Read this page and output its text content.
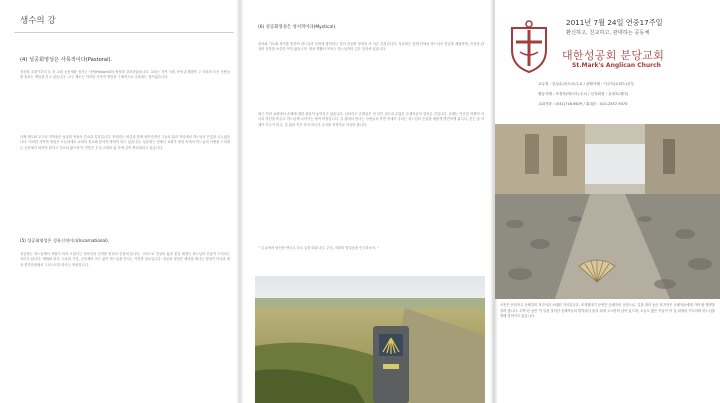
생수의 강
(4) 성공회영성은 사목적이다(Pastoral).
성공회 초창기부터 늘 본 교회 공동체를 섬기는 사목(Pastoral)의 영성을 강조하였습니다. 교회는 지역 사회 속에 존재하며 그 사회의 모든 사람들을 돌보는 책임을 지고 있습니다. 교구 제도는 이러한 사목적 책임을 구체적으로 나타내는 것이었습니다.
사제 제도와 교구의 지역성은 성공회 영성의 중요한 특징입니다. 목회자는 회중과 함께 살아가면서 그들의 삶의 자리에서 하느님의 은총을 나누었습니다. 이러한 사목적 영성은 오늘날에도 교회의 선교와 봉사의 바탕이 되고 있습니다. 성공회는 언제나 교회가 세상 속에서 하느님의 사랑을 드러내는 공동체가 되어야 한다고 가르쳐 왔으며 이 전통은 우리 교회의 삶 속에 깊이 뿌리내리고 있습니다.
(5) 성공회영성은 성육신적이다(Incarnational).
성공회는 하느님께서 사람이 되어 오셨다는 성육신의 신비를 영성의 중심에 둡니다. 그러므로 일상의 삶과 물질 세계는 하느님의 은총이 드러나는 자리가 됩니다. 예배와 성사, 노동과 가정, 공동체의 모든 삶이 하느님을 만나는 거룩한 장소입니다. 성공회 영성은 세상을 떠나는 영성이 아니라 세상 한가운데에서 그리스도를 따르는 영성입니다.
(6) 성공회영성은 성서적이다(Mystical).
성서와 기도와 성사를 통하여 하느님의 신비에 참여하는 것이 성공회 영성의 또 다른 특징입니다. 성공회는 전례 안에서 하느님의 현존을 체험하며, 묵상과 관상의 전통을 소중히 여겨 왔습니다. 영성 생활의 목표는 하느님과의 깊은 일치에 있습니다.
최근 여러 교회에서 순례에 대한 관심이 높아지고 있습니다. 산티아고 순례길은 천 년이 넘도록 수많은 순례자들이 걸어온 길입니다. 순례는 단순한 여행이 아니라 자신을 비우고 하느님께 나아가는 영적 여정입니다. 길 위에서 만나는 사람들과 자연 속에서 우리는 하느님의 은총을 새롭게 발견하게 됩니다. 걷는 것 자체가 기도가 되고, 길 위의 작은 표지 하나가 우리를 목적지로 이끌어 줍니다.
" 길 위에서 당신을 만나고 다시 길을 떠납니다. 주님, 저희의 발걸음을 인도하소서. "
2011년 7월 24일 연중17주일
환신하고, 친교하고, 관대하는 공동체
대한성공회 분당교회
St.Mark's Anglican Church
교무정 : 김성수(마르코)주교 / 관할사제 : 이주익(로버트)신부
협동사제 : 조정자(에스더) 수녀 / 신자회장 : 유정호(데미)
교회전화 : (031)716-6679 / 휴대폰 : 010-2557-9375
사진은 산티아고 순례길의 표지석과 오래된 거리입니다. 조개껍데기 문양은 순례자의 상징으로, 길을 따라 놓인 표지석은 순례자들에게 가야 할 방향을 알려 줍니다. 수백 년 동안 이 길을 걸어간 순례자들의 발자취가 돌길 위에 고스란히 남아 있으며, 오늘도 많은 이들이 이 길 위에서 기도하며 하느님을 향해 걸어가고 있습니다.
